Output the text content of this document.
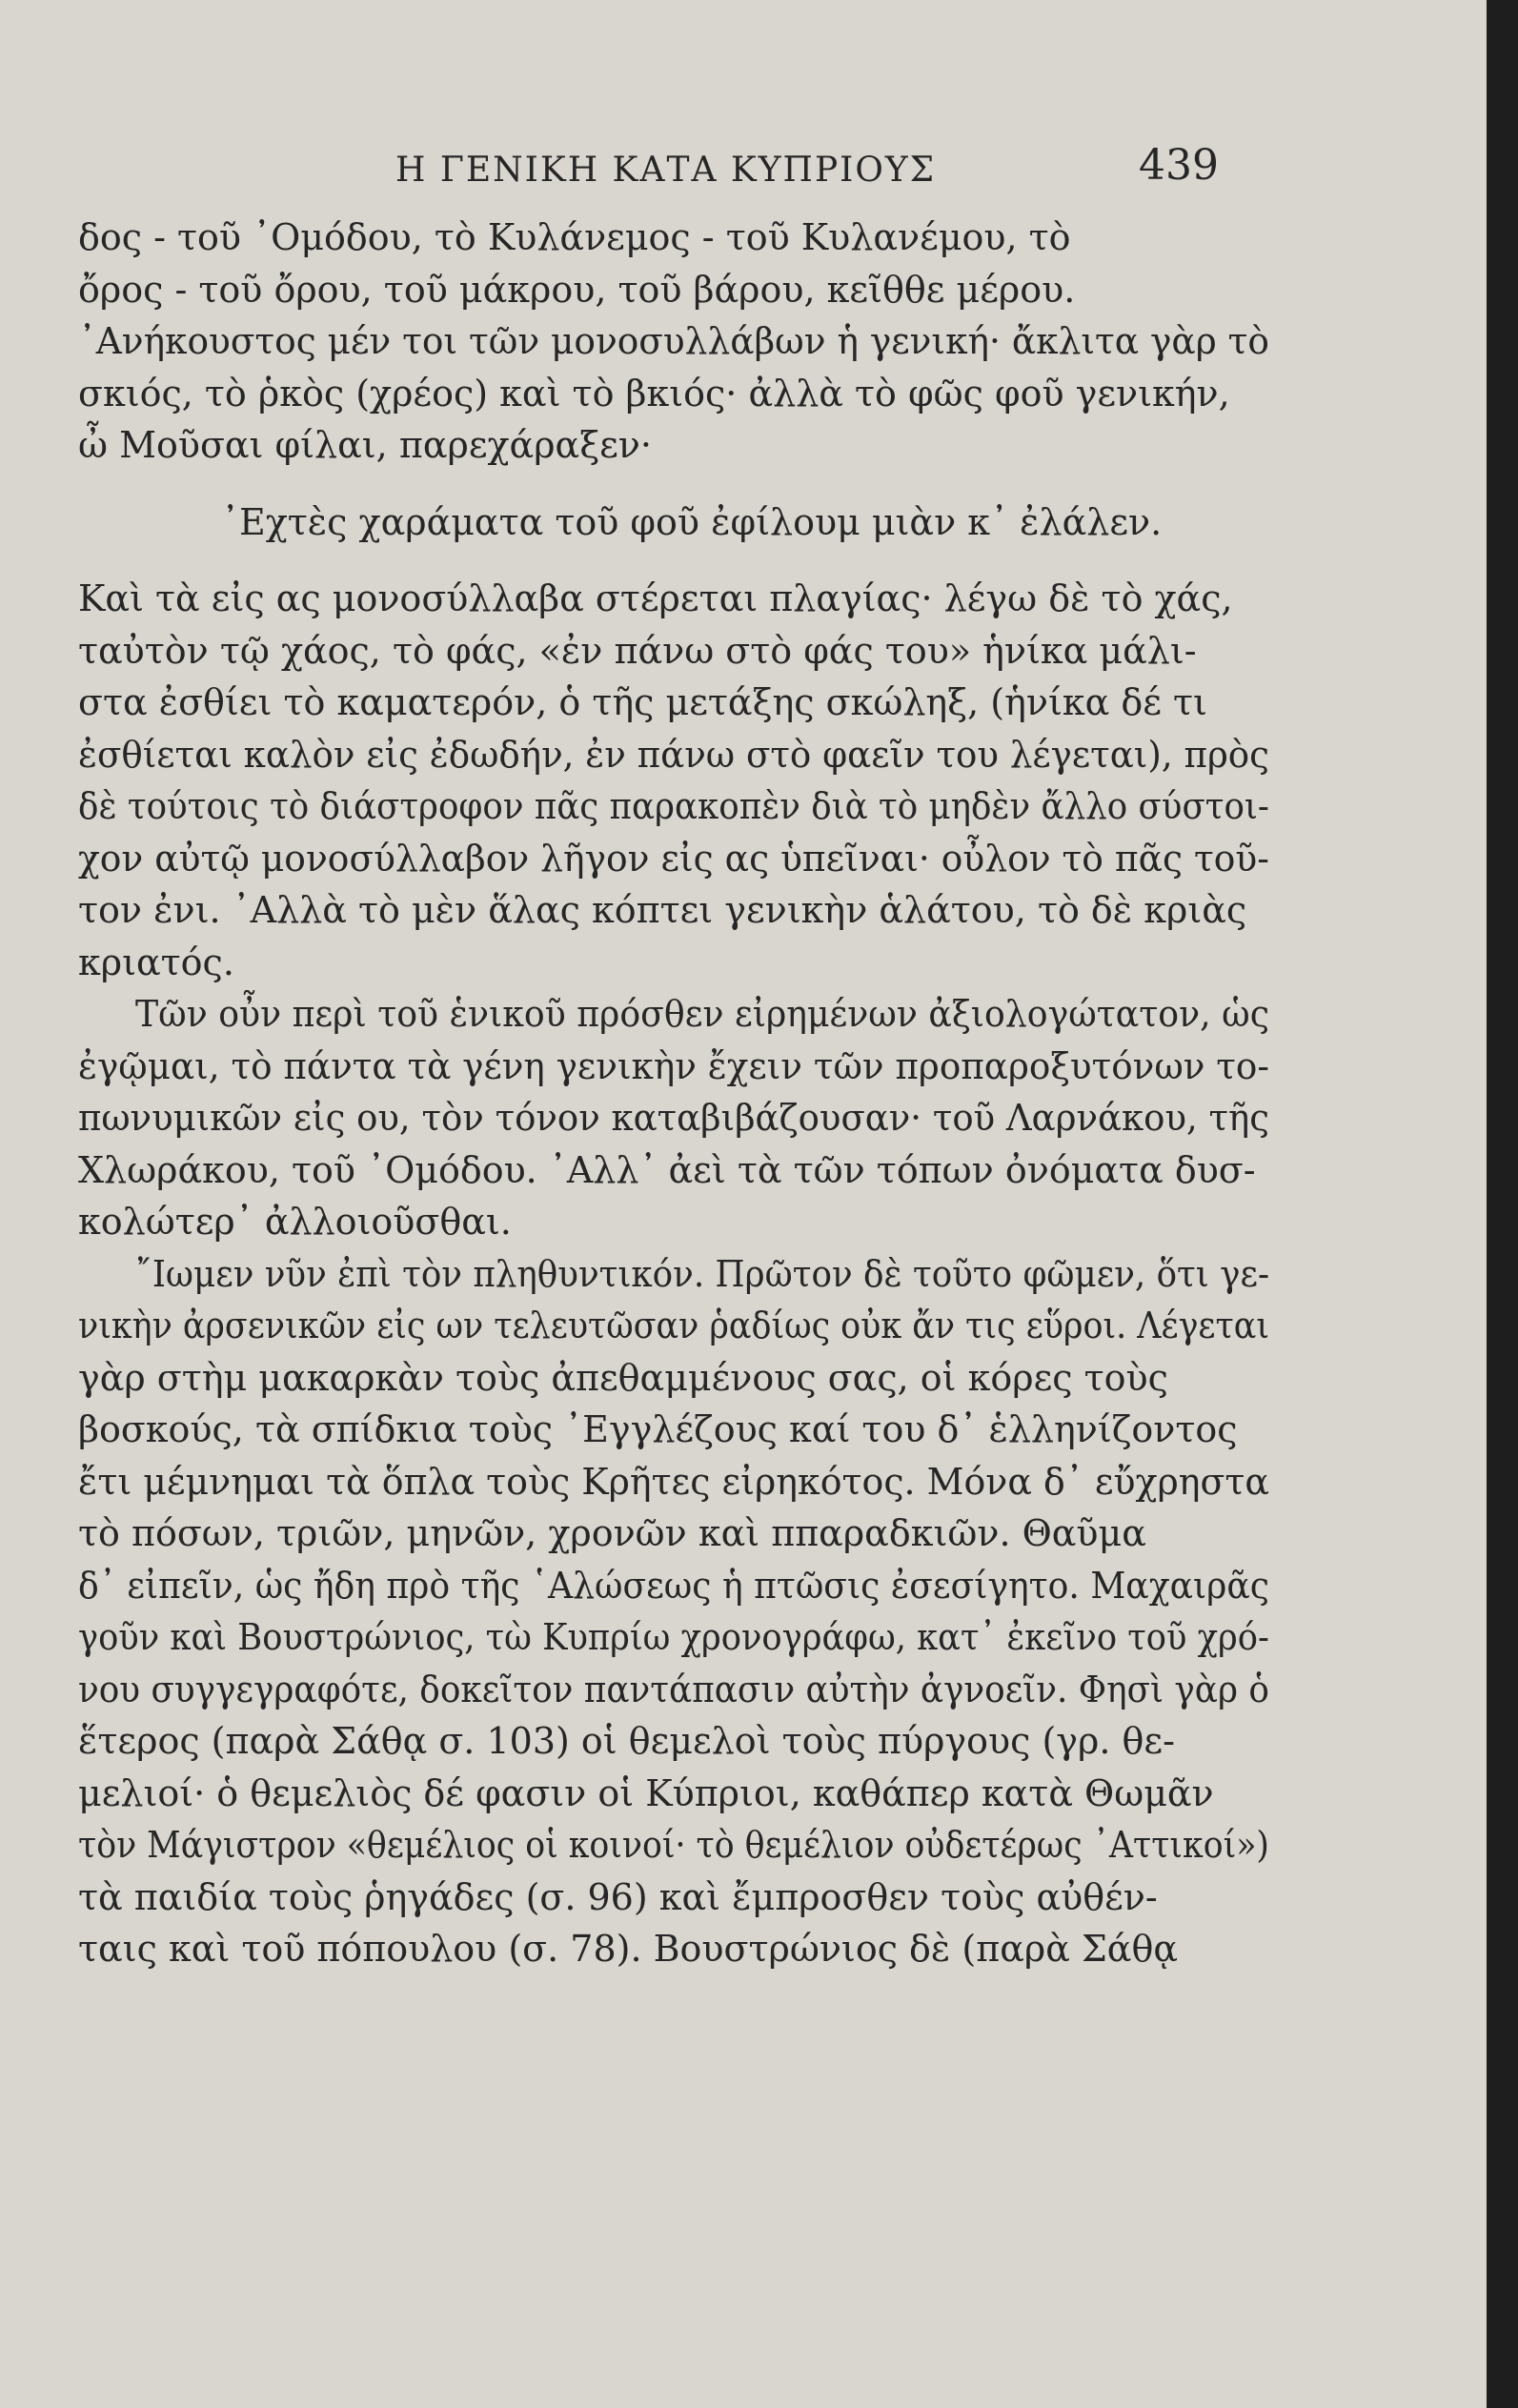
Η ΓΕΝΙΚΗ ΚΑΤΑ ΚΥΠΡΙΟΥΣ	439
δος - τοῦ ᾿Ομόδου, τὸ Κυλάνεμος - τοῦ Κυλανέμου, τὸ
ὄρος - τοῦ ὄρου, τοῦ μάκρου, τοῦ βάρου, κεῖθθε μέρου.
᾿Ανήκουστος μέν τοι τῶν μονοσυλλάβων ἡ γενική· ἄκλιτα γὰρ τὸ
σκιός, τὸ ῥκὸς (χρέος) καὶ τὸ βκιός· ἀλλὰ τὸ φῶς φοῦ γενικήν,
ὦ Μοῦσαι φίλαι, παρεχάραξεν·
᾿Εχτὲς χαράματα τοῦ φοῦ ἐφίλουμ μιὰν κ᾿ ἐλάλεν.
Καὶ τὰ εἰς ας μονοσύλλαβα στέρεται πλαγίας· λέγω δὲ τὸ χάς,
ταὐτὸν τῷ χάος, τὸ φάς, «ἐν πάνω στὸ φάς του» ἡνίκα μάλι-
στα ἐσθίει τὸ καματερόν, ὁ τῆς μετάξης σκώληξ, (ἡνίκα δέ τι
ἐσθίεται καλὸν εἰς ἐδωδήν, ἐν πάνω στὸ φαεῖν του λέγεται), πρὸς
δὲ τούτοις τὸ διάστροφον πᾶς παρακοπὲν διὰ τὸ μηδὲν ἄλλο σύστοι-
χον αὐτῷ μονοσύλλαβον λῆγον εἰς ας ὑπεῖναι· οὖλον τὸ πᾶς τοῦ-
τον ἐνι. ᾿Αλλὰ τὸ μὲν ἅλας κόπτει γενικὴν ἁλάτου, τὸ δὲ κριὰς
κριατός.
Τῶν οὖν περὶ τοῦ ἑνικοῦ πρόσθεν εἰρημένων ἀξιολογώτατον, ὡς
ἐγῷμαι, τὸ πάντα τὰ γένη γενικὴν ἔχειν τῶν προπαροξυτόνων το-
πωνυμικῶν εἰς ου, τὸν τόνον καταβιβάζουσαν· τοῦ Λαρνάκου, τῆς
Χλωράκου, τοῦ ᾿Ομόδου. ᾿Αλλ᾿ ἀεὶ τὰ τῶν τόπων ὀνόματα δυσ-
κολώτερ᾿ ἀλλοιοῦσθαι.
῎Ιωμεν νῦν ἐπὶ τὸν πληθυντικόν. Πρῶτον δὲ τοῦτο φῶμεν, ὅτι γε-
νικὴν ἀρσενικῶν εἰς ων τελευτῶσαν ῥαδίως οὐκ ἄν τις εὕροι. Λέγεται
γὰρ στὴμ μακαρκὰν τοὺς ἀπεθαμμένους σας, οἱ κόρες τοὺς
βοσκούς, τὰ σπίδκια τοὺς ᾿Εγγλέζους καί του δ᾿ ἑλληνίζοντος
ἔτι μέμνημαι τὰ ὅπλα τοὺς Κρῆτες εἰρηκότος. Μόνα δ᾿ εὔχρηστα
τὸ πόσων, τριῶν, μηνῶν, χρονῶν καὶ ππαραδκιῶν. Θαῦμα
δ᾿ εἰπεῖν, ὡς ἤδη πρὸ τῆς ῾Αλώσεως ἡ πτῶσις ἐσεσίγητο. Μαχαιρᾶς
γοῦν καὶ Βουστρώνιος, τὼ Κυπρίω χρονογράφω, κατ᾿ ἐκεῖνο τοῦ χρό-
νου συγγεγραφότε, δοκεῖτον παντάπασιν αὐτὴν ἀγνοεῖν. Φησὶ γὰρ ὁ
ἕτερος (παρὰ Σάθᾳ σ. 103) οἱ θεμελοὶ τοὺς πύργους (γρ. θε-
μελιοί· ὁ θεμελιὸς δέ φασιν οἱ Κύπριοι, καθάπερ κατὰ Θωμᾶν
τὸν Μάγιστρον «θεμέλιος οἱ κοινοί· τὸ θεμέλιον οὐδετέρως ᾿Αττικοί»)
τὰ παιδία τοὺς ῥηγάδες (σ. 96) καὶ ἔμπροσθεν τοὺς αὐθέν-
ταις καὶ τοῦ πόπουλου (σ. 78). Βουστρώνιος δὲ (παρὰ Σάθᾳ
